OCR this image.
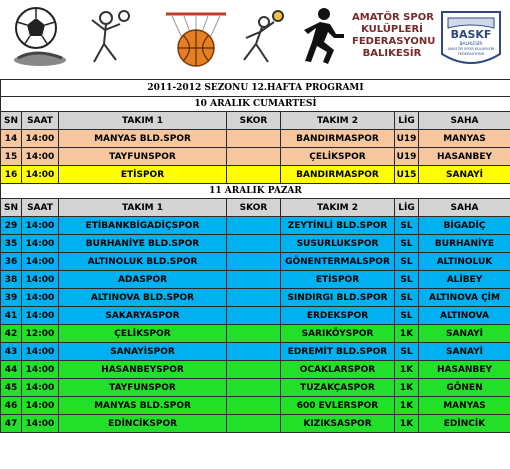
AMATÖR SPOR
KULÜPLERİ
FEDERASYONU
BALIKESİR
BASKF
BALIKESİR
AMATÖR SPOR KULÜPLERİ
FEDERASYONU
2011-2012 SEZONU 12.HAFTA PROGRAMI						
10 ARALIK CUMARTESİ						
SN	SAAT	TAKIM 1	SKOR	TAKIM 2	LİG	SAHA
14	14:00	MANYAS BLD.SPOR		BANDIRMASPOR	U19	MANYAS
15	14:00	TAYFUNSPOR		ÇELİKSPOR	U19	HASANBEY
16	14:00	ETİSPOR		BANDIRMASPOR	U15	SANAYİ
11 ARALIK PAZAR						
SN	SAAT	TAKIM 1	SKOR	TAKIM 2	LİG	SAHA
29	14:00	ETİBANKBİGADİÇSPOR		ZEYTİNLİ BLD.SPOR	SL	BİGADİÇ
35	14:00	BURHANİYE BLD.SPOR		SUSURLUKSPOR	SL	BURHANİYE
36	14:00	ALTINOLUK BLD.SPOR		GÖNENTERMALSPOR	SL	ALTINOLUK
38	14:00	ADASPOR		ETİSPOR	SL	ALİBEY
39	14:00	ALTINOVA BLD.SPOR		SINDIRGI BLD.SPOR	SL	ALTINOVA ÇİM
41	14:00	SAKARYASPOR		ERDEKSPOR	SL	ALTINOVA
42	12:00	ÇELİKSPOR		SARIKÖYSPOR	1K	SANAYİ
43	14:00	SANAYİSPOR		EDREMİT BLD.SPOR	SL	SANAYİ
44	14:00	HASANBEYSPOR		OCAKLARSPOR	1K	HASANBEY
45	14:00	TAYFUNSPOR		TUZAKÇASPOR	1K	GÖNEN
46	14:00	MANYAS BLD.SPOR		600 EVLERSPOR	1K	MANYAS
47	14:00	EDİNCİKSPOR		KIZIKSASPOR	1K	EDİNCİK
